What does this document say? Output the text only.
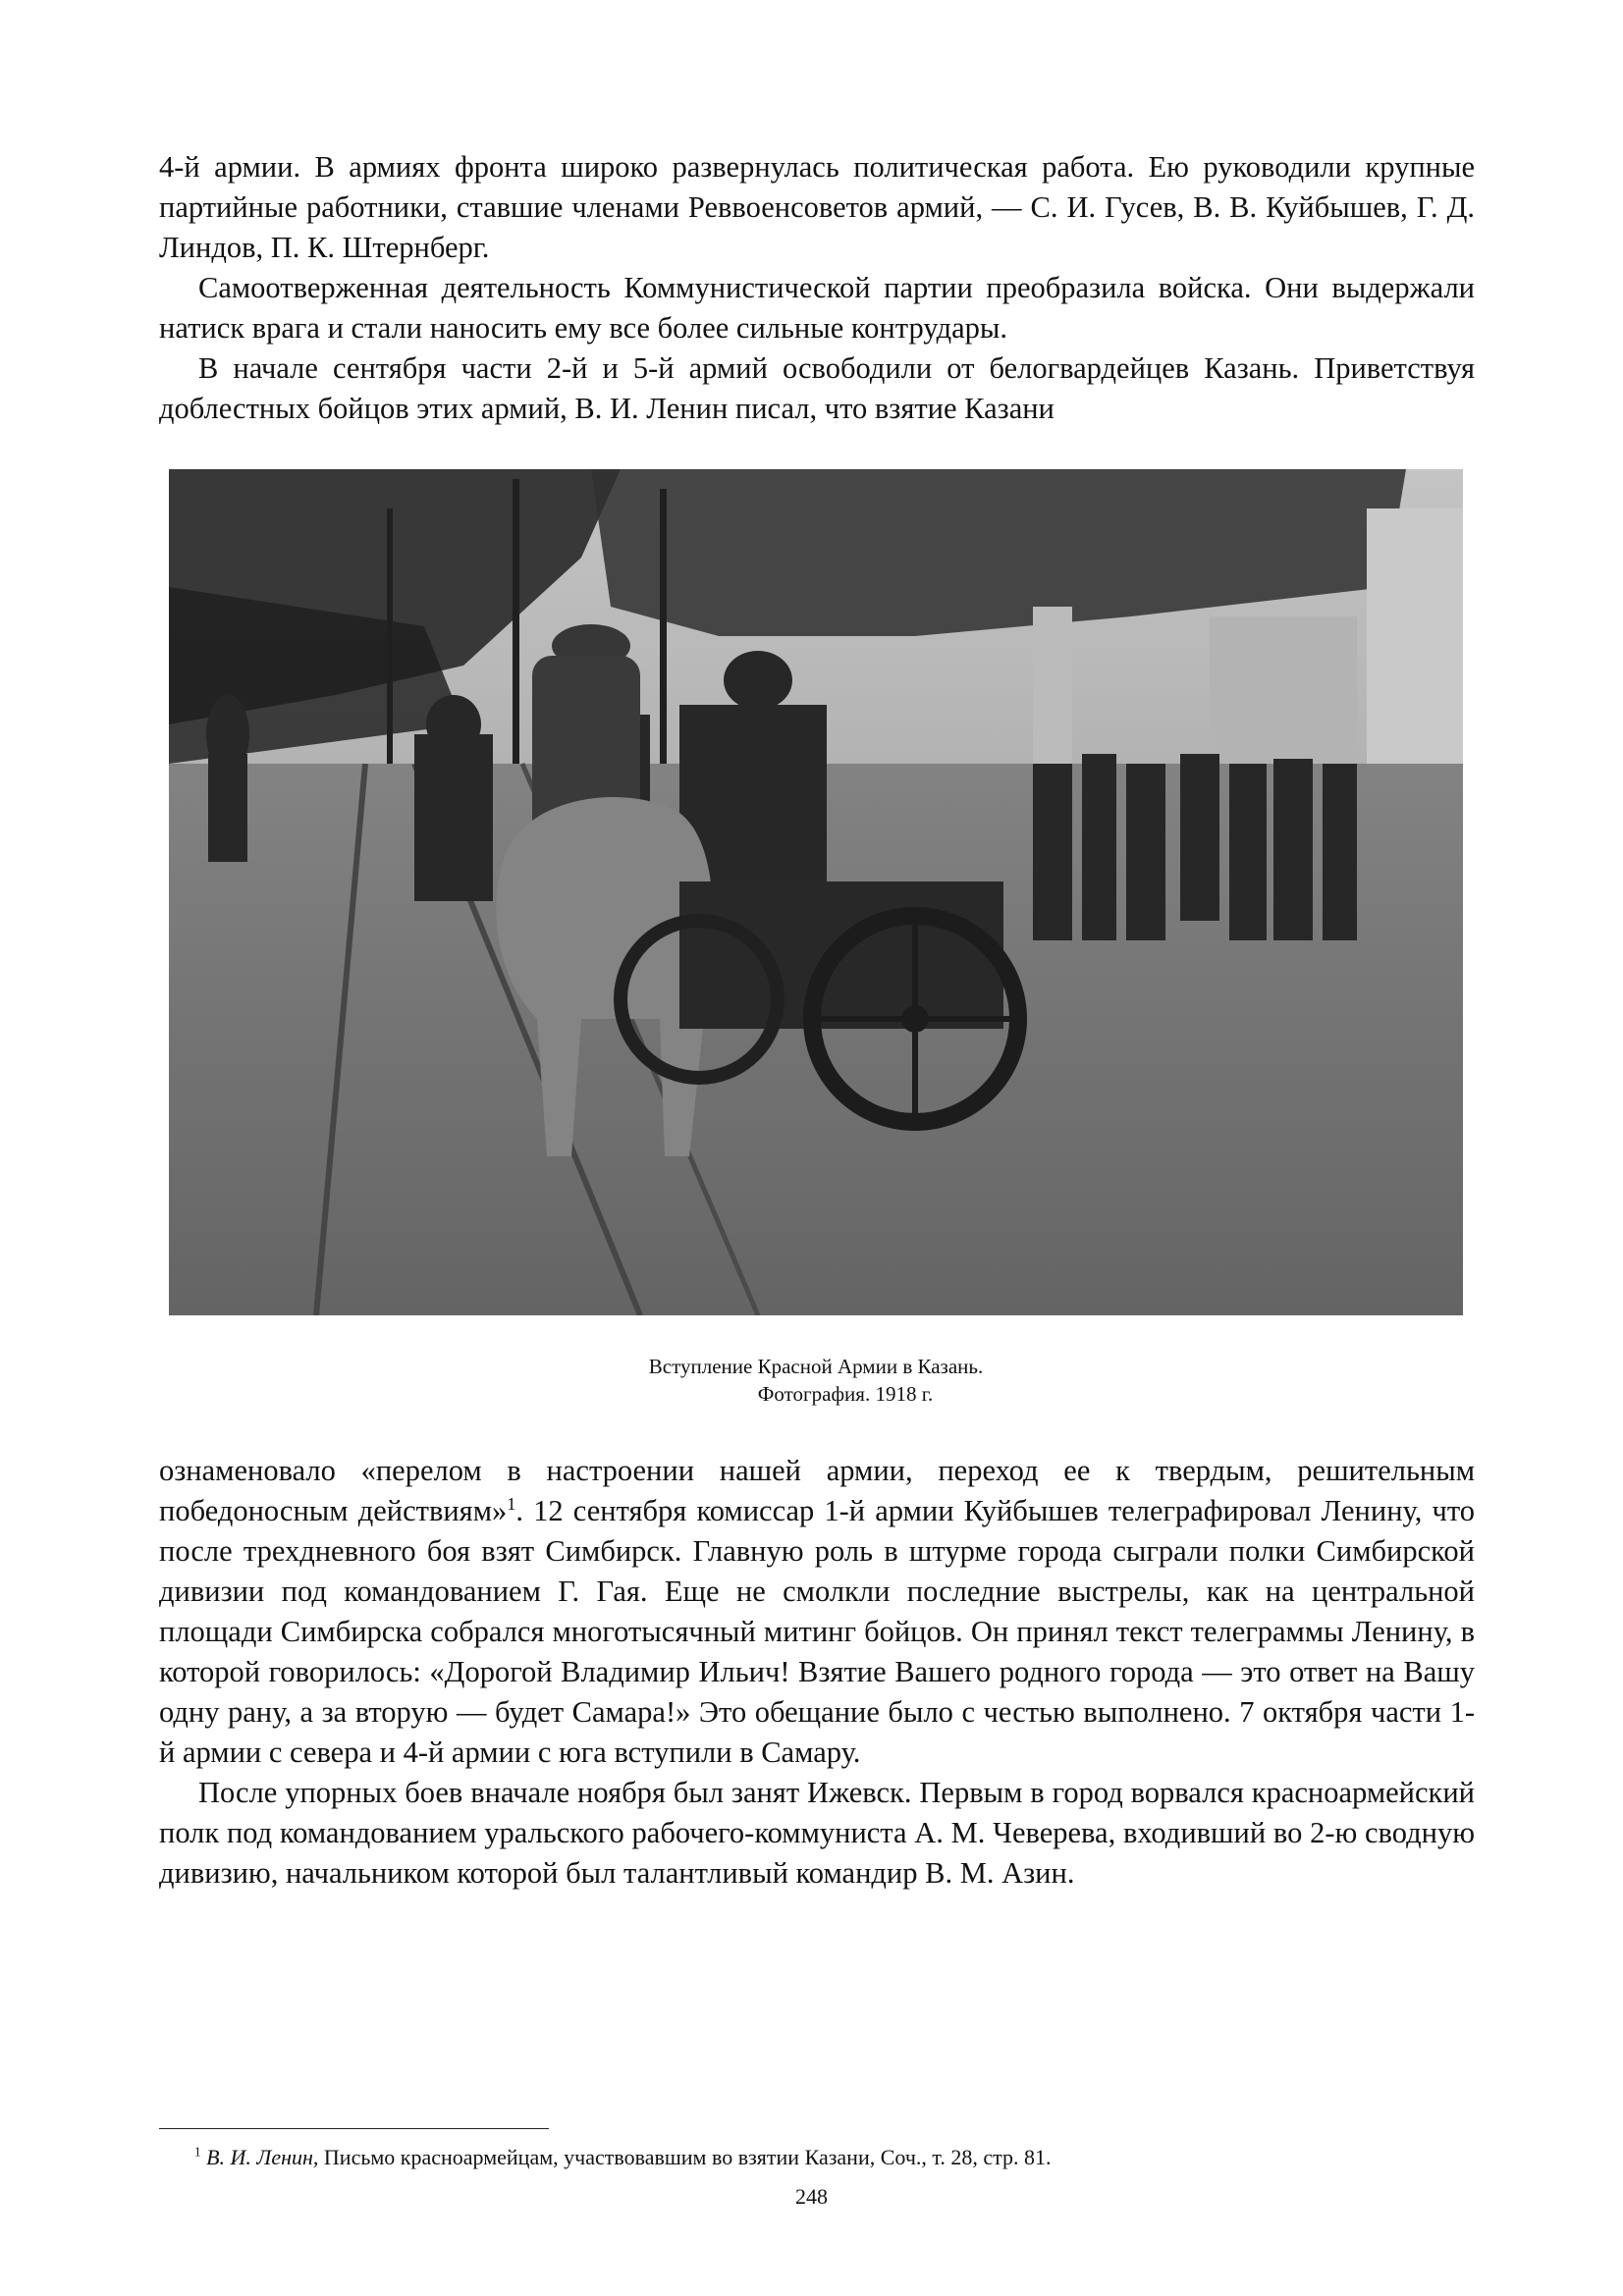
4-й армии. В армиях фронта широко развернулась политическая работа. Ею руководили крупные партийные работники, ставшие членами Реввоенсоветов армий, — С. И. Гусев, В. В. Куйбышев, Г. Д. Линдов, П. К. Штернберг.

Самоотверженная деятельность Коммунистической партии преобразила войска. Они выдержали натиск врага и стали наносить ему все более сильные контрудары.

В начале сентября части 2-й и 5-й армий освободили от белогвардейцев Казань. Приветствуя доблестных бойцов этих армий, В. И. Ленин писал, что взятие Казани

Вступление Красной Армии в Казань.
Фотография. 1918 г.

ознаменовало «перелом в настроении нашей армии, переход ее к твердым, решительным победоносным действиям»$^1$. 12 сентября комиссар 1-й армии Куйбышев телеграфировал Ленину, что после трехдневного боя взят Симбирск. Главную роль в штурме города сыграли полки Симбирской дивизии под командованием Г. Гая. Еще не смолкли последние выстрелы, как на центральной площади Симбирска собрался многотысячный митинг бойцов. Он принял текст телеграммы Ленину, в которой говорилось: «Дорогой Владимир Ильич! Взятие Вашего родного города — это ответ на Вашу одну рану, а за вторую — будет Самара!» Это обещание было с честью выполнено. 7 октября части 1-й армии с севера и 4-й армии с юга вступили в Самару.

После упорных боев вначале ноября был занят Ижевск. Первым в город ворвался красноармейский полк под командованием уральского рабочего-коммуниста А. М. Чеверева, входивший во 2-ю сводную дивизию, начальником которой был талантливый командир В. М. Азин.

$^1$ В. И. Ленин, Письмо красноармейцам, участвовавшим во взятии Казани, Соч., т. 28, стр. 81.
248
